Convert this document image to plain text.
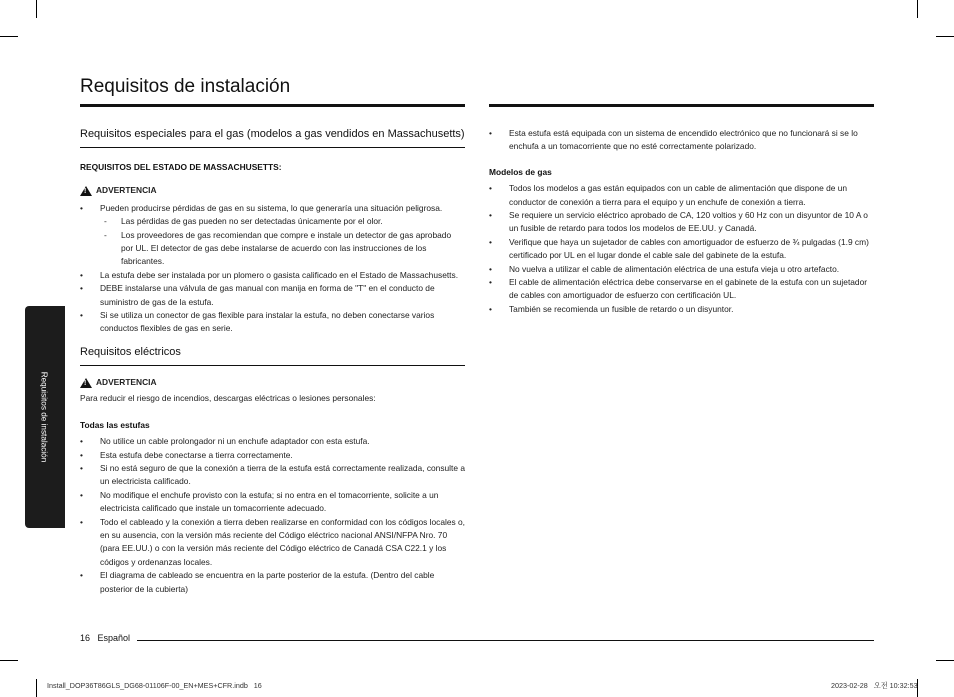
Requisitos de instalación
Requisitos especiales para el gas (modelos a gas vendidos en Massachusetts)

REQUISITOS DEL ESTADO DE MASSACHUSETTS:

!
ADVERTENCIA

• Pueden producirse pérdidas de gas en su sistema, lo que generaría una situación peligrosa.
- Las pérdidas de gas pueden no ser detectadas únicamente por el olor.
- Los proveedores de gas recomiendan que compre e instale un detector de gas aprobado por UL. El detector de gas debe instalarse de acuerdo con las instrucciones de los fabricantes.
• La estufa debe ser instalada por un plomero o gasista calificado en el Estado de Massachusetts.
• DEBE instalarse una válvula de gas manual con manija en forma de "T" en el conducto de suministro de gas de la estufa.
• Si se utiliza un conector de gas flexible para instalar la estufa, no deben conectarse varios conductos flexibles de gas en serie.
Requisitos eléctricos

!
ADVERTENCIA

Para reducir el riesgo de incendios, descargas eléctricas o lesiones personales:

Todas las estufas

• No utilice un cable prolongador ni un enchufe adaptador con esta estufa.
• Esta estufa debe conectarse a tierra correctamente.
• Si no está seguro de que la conexión a tierra de la estufa está correctamente realizada, consulte a un electricista calificado.
• No modifique el enchufe provisto con la estufa; si no entra en el tomacorriente, solicite a un electricista calificado que instale un tomacorriente adecuado.
• Todo el cableado y la conexión a tierra deben realizarse en conformidad con los códigos locales o, en su ausencia, con la versión más reciente del Código eléctrico nacional ANSI/NFPA Nro. 70 (para EE.UU.) o con la versión más reciente del Código eléctrico de Canadá CSA C22.1 y los códigos y ordenanzas locales.
• El diagrama de cableado se encuentra en la parte posterior de la estufa. (Dentro del cable posterior de la cubierta)
• Esta estufa está equipada con un sistema de encendido electrónico que no funcionará si se lo enchufa a un tomacorriente que no esté correctamente polarizado.

Modelos de gas

• Todos los modelos a gas están equipados con un cable de alimentación que dispone de un conductor de conexión a tierra para el equipo y un enchufe de conexión a tierra.
• Se requiere un servicio eléctrico aprobado de CA, 120 voltios y 60 Hz con un disyuntor de 10 A o un fusible de retardo para todos los modelos de EE.UU. y Canadá.
• Verifique que haya un sujetador de cables con amortiguador de esfuerzo de ¾ pulgadas (1.9 cm) certificado por UL en el lugar donde el cable sale del gabinete de la estufa.
• No vuelva a utilizar el cable de alimentación eléctrica de una estufa vieja u otro artefacto.
• El cable de alimentación eléctrica debe conservarse en el gabinete de la estufa con un sujetador de cables con amortiguador de esfuerzo con certificación UL.
• También se recomienda un fusible de retardo o un disyuntor.
Requisitos de instalación
16 Español
Install_DOP36T86GLS_DG68-01106F-00_EN+MES+CFR.indb   16	2023-02-28   오전 10:32:53
